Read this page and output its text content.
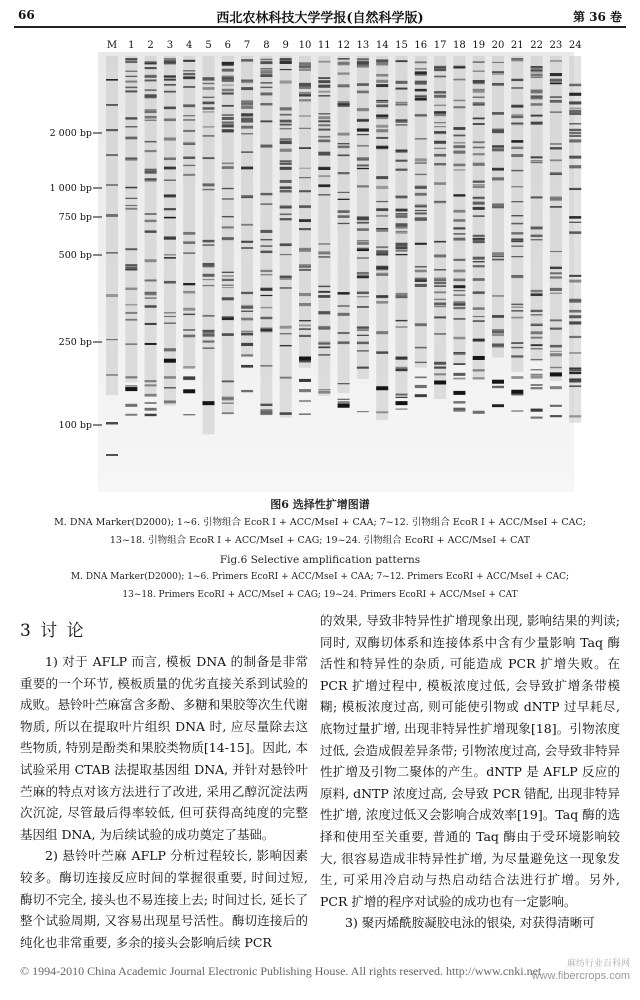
66	西北农林科技大学学报(自然科学版)	第 36 卷
2 000 bp
1 000 bp
750 bp
500 bp
250 bp
100 bp
M 1 2 3 4 5 6 7 8 9 10 11 12 13 14 15 16 17 18 19 20 21 22 23 24
图6 选择性扩增图谱
M. DNA Marker(D2000); 1~6. 引物组合 EcoR Ⅰ + ACC/MseⅠ + CAA; 7~12. 引物组合 EcoR Ⅰ + ACC/MseⅠ + CAC;
13~18. 引物组合 EcoR Ⅰ + ACC/MseⅠ + CAG; 19~24. 引物组合 EcoRⅠ + ACC/MseⅠ + CAT
Fig.6 Selective amplification patterns
M. DNA Marker(D2000); 1~6. Primers EcoRⅠ + ACC/MseⅠ + CAA; 7~12. Primers EcoRⅠ + ACC/MseⅠ + CAC;
13~18. Primers EcoRⅠ + ACC/MseⅠ + CAG; 19~24. Primers EcoRⅠ + ACC/MseⅠ + CAT
3 讨 论

1) 对于 AFLP 而言, 模板 DNA 的制备是非常重要的一个环节, 模板质量的优劣直接关系到试验的成败。悬铃叶苎麻富含多酚、多糖和果胶等次生代谢物质, 所以在提取叶片组织 DNA 时, 应尽量除去这些物质, 特别是酚类和果胶类物质[14-15]。因此, 本试验采用 CTAB 法提取基因组 DNA, 并针对悬铃叶苎麻的特点对该方法进行了改进, 采用乙醇沉淀法两次沉淀, 尽管最后得率较低, 但可获得高纯度的完整基因组 DNA, 为后续试验的成功奠定了基础。

2) 悬铃叶苎麻 AFLP 分析过程较长, 影响因素较多。酶切连接反应时间的掌握很重要, 时间过短, 酶切不完全, 接头也不易连接上去; 时间过长, 延长了整个试验周期, 又容易出现星号活性。酶切连接后的纯化也非常重要, 多余的接头会影响后续 PCR

的效果, 导致非特异性扩增现象出现, 影响结果的判读; 同时, 双酶切体系和连接体系中含有少量影响 Taq 酶活性和特异性的杂质, 可能造成 PCR 扩增失败。在 PCR 扩增过程中, 模板浓度过低, 会导致扩增条带模糊; 模板浓度过高, 则可能使引物或 dNTP 过早耗尽, 底物过量扩增, 出现非特异性扩增现象[18]。引物浓度过低, 会造成假差异条带; 引物浓度过高, 会导致非特异性扩增及引物二聚体的产生。dNTP 是 AFLP 反应的原料, dNTP 浓度过高, 会导致 PCR 错配, 出现非特异性扩增, 浓度过低又会影响合成效率[19]。Taq 酶的选择和使用至关重要, 普通的 Taq 酶由于受环境影响较大, 很容易造成非特异性扩增, 为尽量避免这一现象发生, 可采用冷启动与热启动结合法进行扩增。另外, PCR 扩增的程序对试验的成功也有一定影响。

3) 聚丙烯酰胺凝胶电泳的银染, 对获得清晰可

© 1994-2010 China Academic Journal Electronic Publishing House. All rights reserved. http://www.cnki.net
麻纺行业百科网
www.fibercrops.com
